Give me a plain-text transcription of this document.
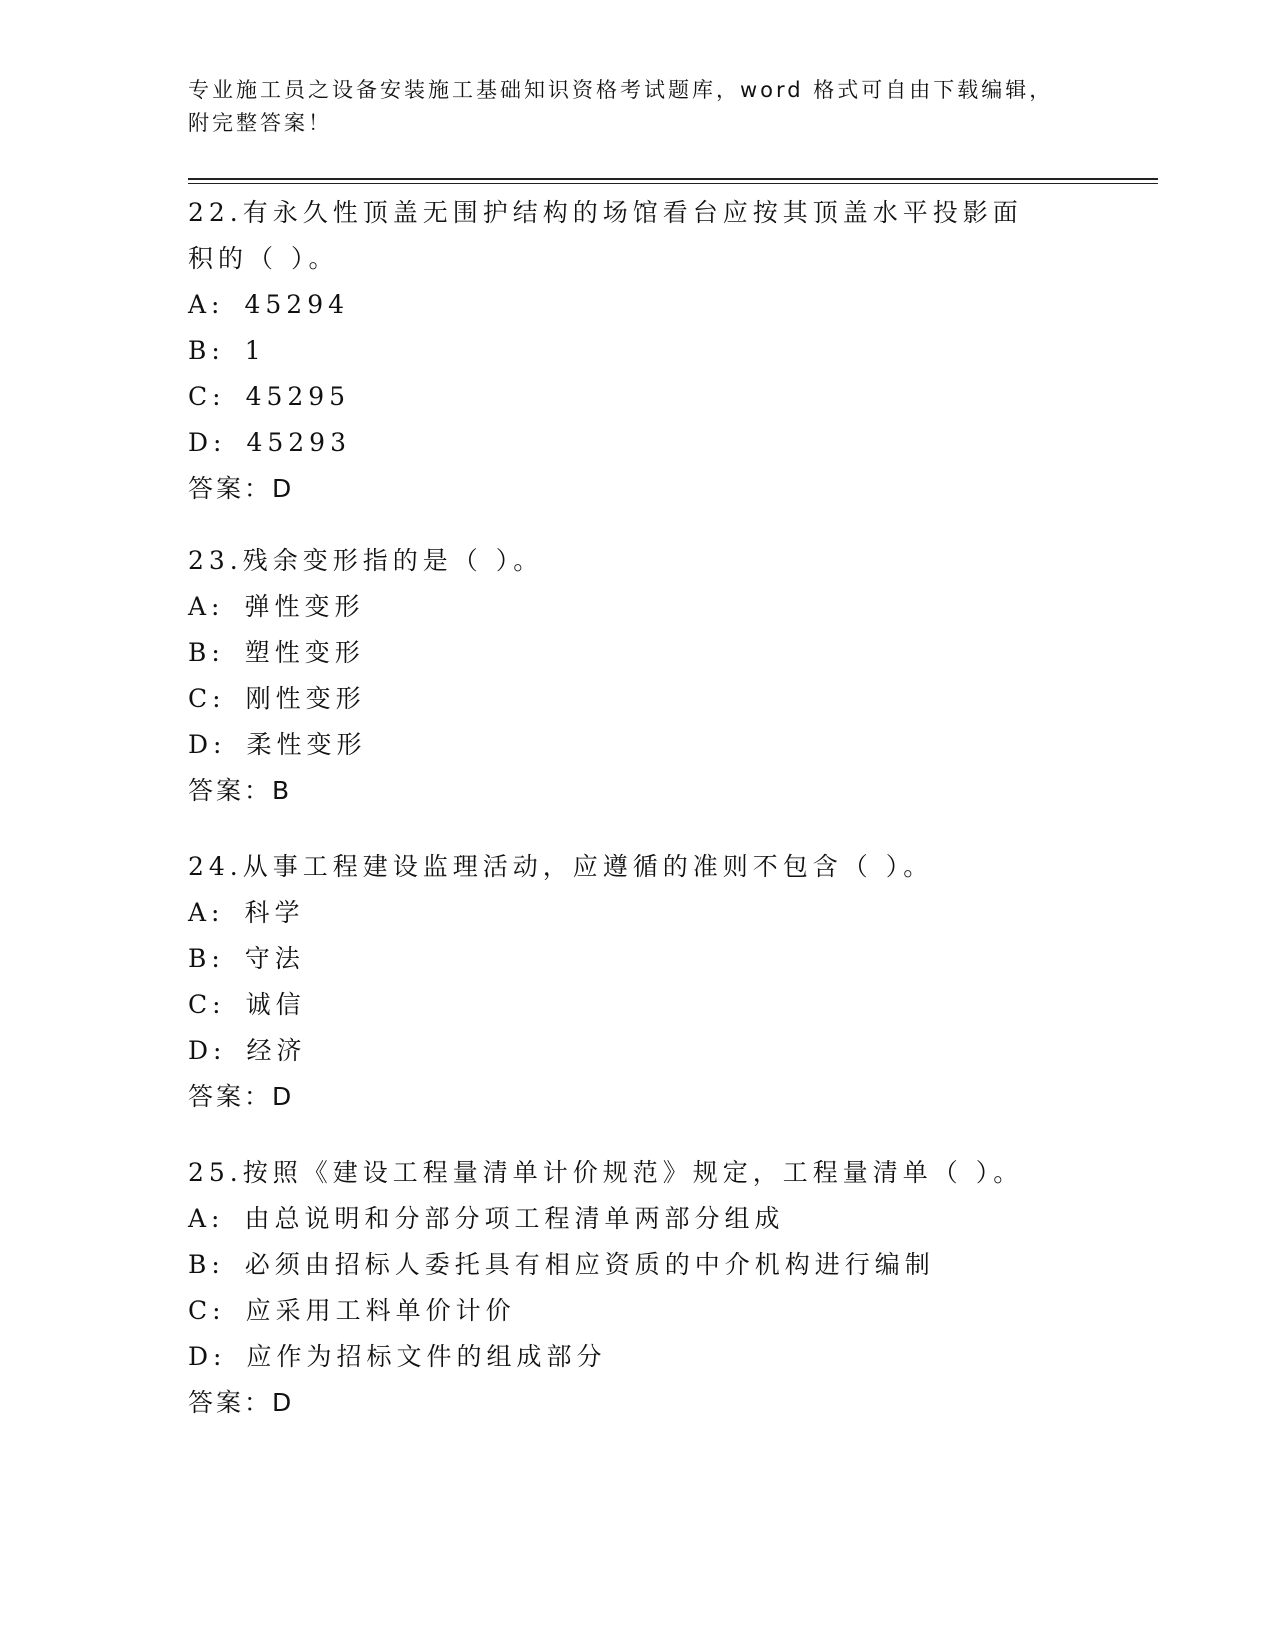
专业施工员之设备安装施工基础知识资格考试题库，word 格式可自由下载编辑，
附完整答案！

22.有永久性顶盖无围护结构的场馆看台应按其顶盖水平投影面积的（ ）。

A: 45294

B: 1

C: 45295

D: 45293

答案：D

23.残余变形指的是（ ）。

A: 弹性变形

B: 塑性变形

C: 刚性变形

D: 柔性变形

答案：B

24.从事工程建设监理活动，应遵循的准则不包含（ ）。

A: 科学

B: 守法

C: 诚信

D: 经济

答案：D

25.按照《建设工程量清单计价规范》规定，工程量清单（ ）。

A: 由总说明和分部分项工程清单两部分组成

B: 必须由招标人委托具有相应资质的中介机构进行编制

C: 应采用工料单价计价

D: 应作为招标文件的组成部分

答案：D
